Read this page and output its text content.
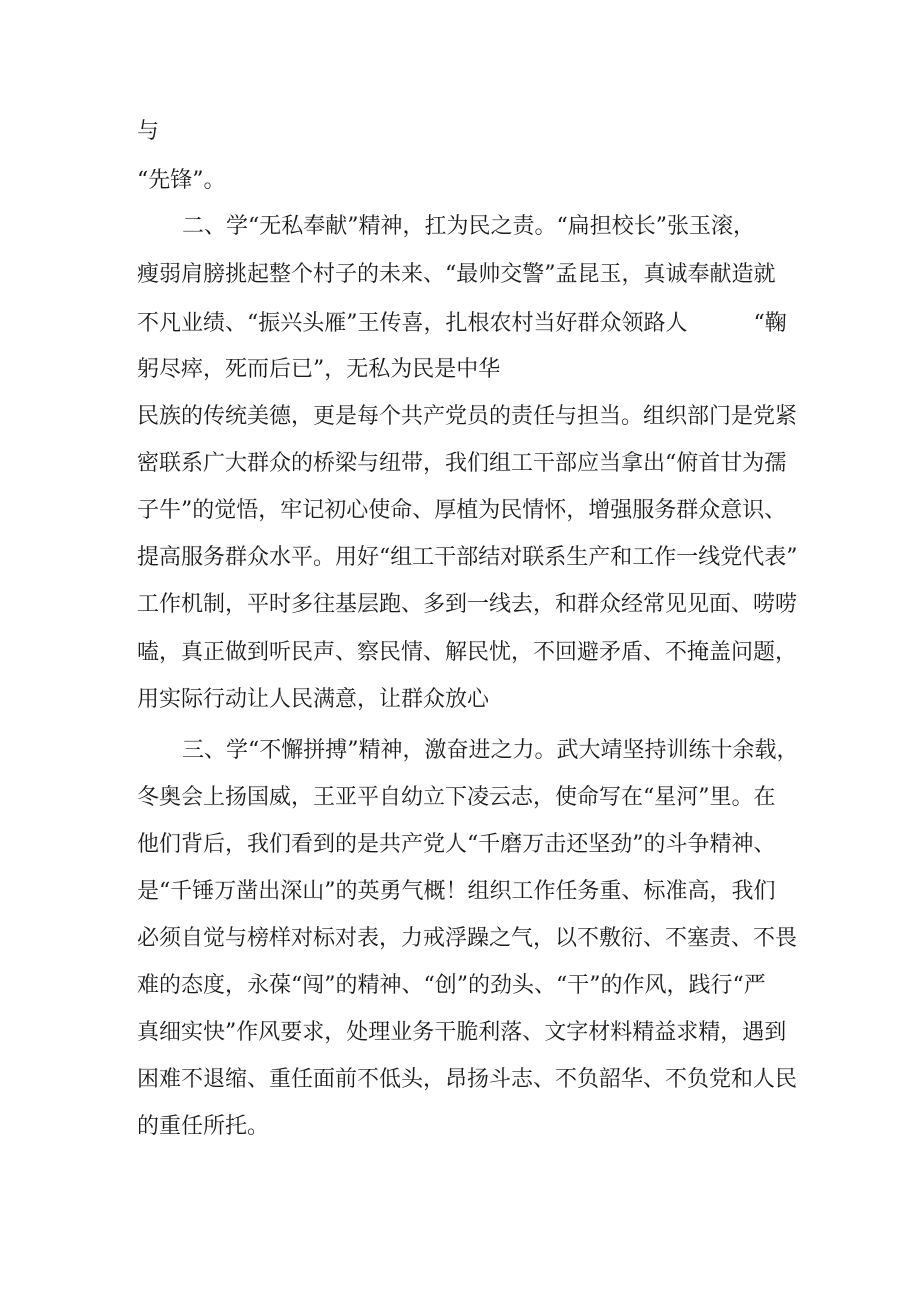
与
“先锋”。
二、学“无私奉献”精神，扛为民之责。“扁担校长”张玉滚，
瘦弱肩膀挑起整个村子的未来、“最帅交警”孟昆玉，真诚奉献造就
不凡业绩、“振兴头雁”王传喜，扎根农村当好群众领路人　　　“鞠
躬尽瘁，死而后已”，无私为民是中华
民族的传统美德，更是每个共产党员的责任与担当。组织部门是党紧
密联系广大群众的桥梁与纽带，我们组工干部应当拿出“俯首甘为孺
子牛”的觉悟，牢记初心使命、厚植为民情怀，增强服务群众意识、
提高服务群众水平。用好“组工干部结对联系生产和工作一线党代表”
工作机制，平时多往基层跑、多到一线去，和群众经常见见面、唠唠
嗑，真正做到听民声、察民情、解民忧，不回避矛盾、不掩盖问题，
用实际行动让人民满意，让群众放心
三、学“不懈拼搏”精神，激奋进之力。武大靖坚持训练十余载，
冬奥会上扬国威，王亚平自幼立下凌云志，使命写在“星河”里。在
他们背后，我们看到的是共产党人“千磨万击还坚劲”的斗争精神、
是“千锤万凿出深山”的英勇气概！组织工作任务重、标准高，我们
必须自觉与榜样对标对表，力戒浮躁之气，以不敷衍、不塞责、不畏
难的态度，永葆“闯”的精神、“创”的劲头、“干”的作风，践行“严
真细实快”作风要求，处理业务干脆利落、文字材料精益求精，遇到
困难不退缩、重任面前不低头，昂扬斗志、不负韶华、不负党和人民
的重任所托。
